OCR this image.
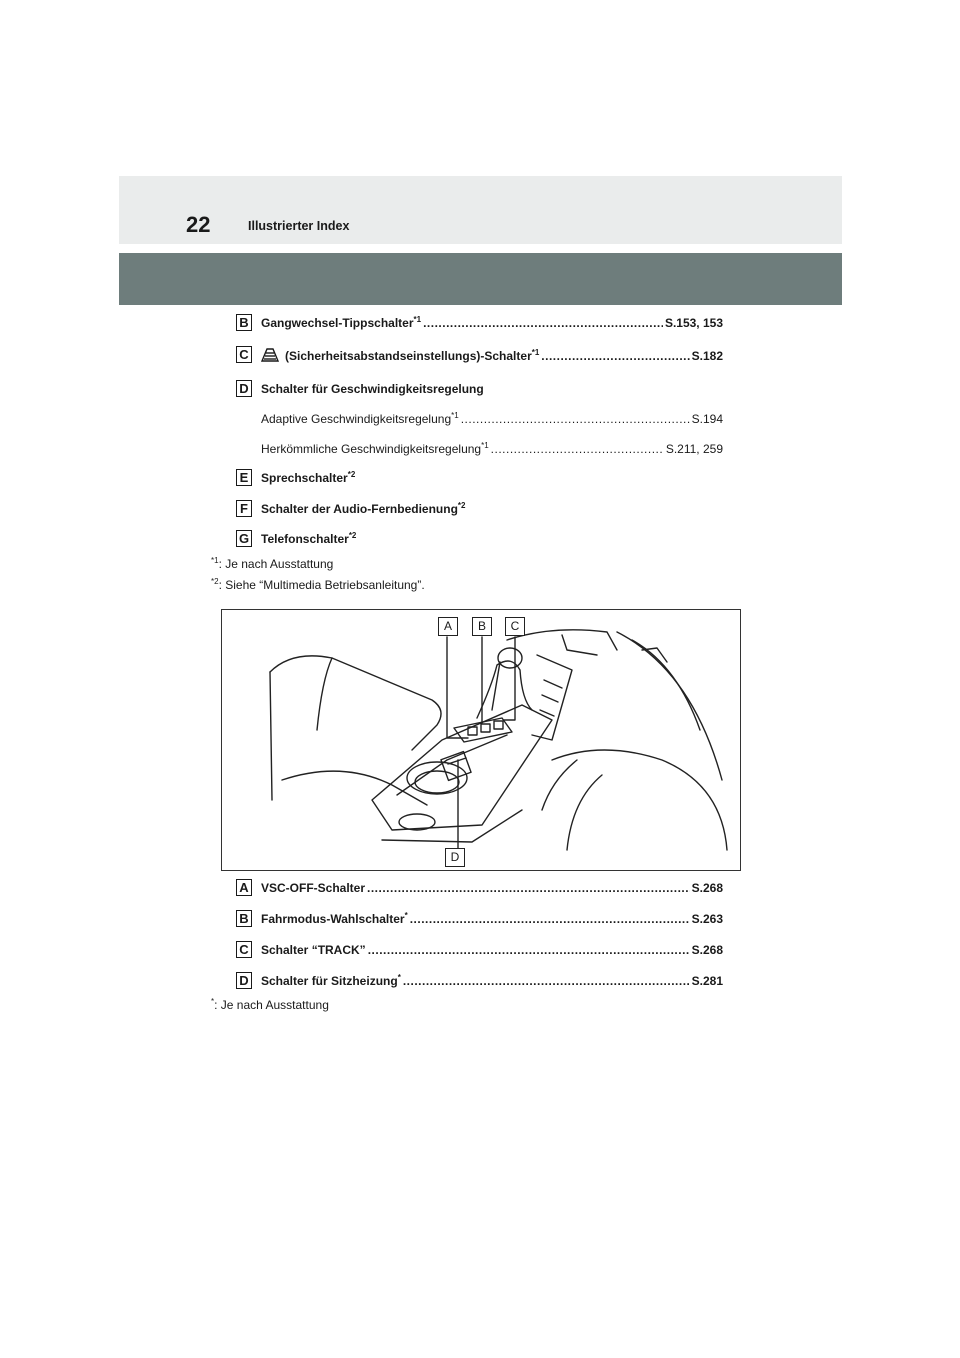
22	Illustrierter Index
B Gangwechsel-Tippschalter$^{*1}$ .....	S.153, 153
C	(Sicherheitsabstandseinstellungs)-Schalter$^{*1}$ .....	S.182
D Schalter für Geschwindigkeitsregelung
Adaptive Geschwindigkeitsregelung$^{*1}$ .....	S.194
Herkömmliche Geschwindigkeitsregelung$^{*1}$ .....	S.211, 259
E	Sprechschalter$^{*2}$
F	Schalter der Audio-Fernbedienung$^{*2}$
G Telefonschalter$^{*2}$
$^{*1}$: Je nach Ausstattung
$^{*2}$: Siehe “Multimedia Betriebsanleitung”.
A	B	C
D
A VSC-OFF-Schalter .....	S.268
B Fahrmodus-Wahlschalter* .....	S.263
C Schalter “TRACK” .....	S.268
D Schalter für Sitzheizung* .....	S.281
*: Je nach Ausstattung
